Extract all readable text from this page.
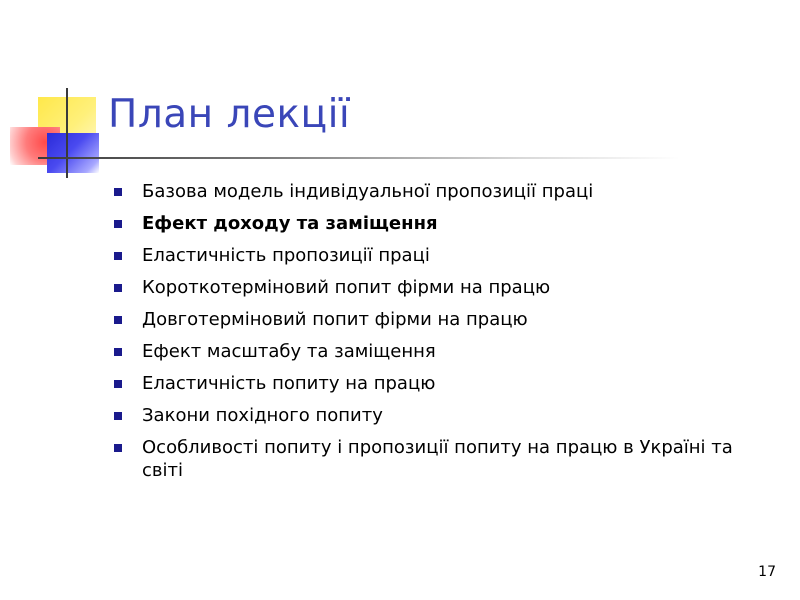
План лекції
Базова модель індивідуальної пропозиції праці
Ефект доходу та заміщення
Еластичність пропозиції праці
Короткотерміновий попит фірми на працю
Довготерміновий попит фірми на працю
Ефект масштабу та заміщення
Еластичність попиту на працю
Закони похідного попиту
Особливості попиту і пропозиції попиту на працю в Україні та світі
17
